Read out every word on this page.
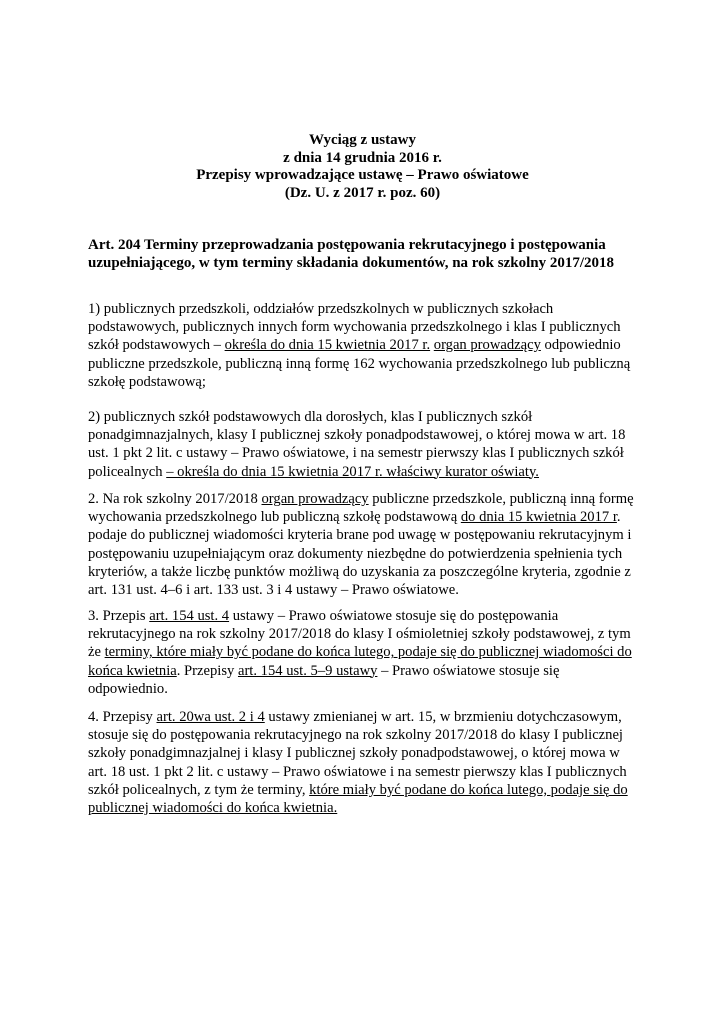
Wyciąg z ustawy
z dnia 14 grudnia 2016 r.
Przepisy wprowadzające ustawę – Prawo oświatowe
(Dz. U. z 2017 r. poz. 60)
Art. 204 Terminy przeprowadzania postępowania rekrutacyjnego i postępowania
uzupełniającego, w tym terminy składania dokumentów, na rok szkolny 2017/2018
1) publicznych przedszkoli, oddziałów przedszkolnych w publicznych szkołach
podstawowych, publicznych innych form wychowania przedszkolnego i klas I publicznych
szkół podstawowych – określa do dnia 15 kwietnia 2017 r. organ prowadzący odpowiednio
publiczne przedszkole, publiczną inną formę 162 wychowania przedszkolnego lub publiczną
szkołę podstawową;
2) publicznych szkół podstawowych dla dorosłych, klas I publicznych szkół
ponadgimnazjalnych, klasy I publicznej szkoły ponadpodstawowej, o której mowa w art. 18
ust. 1 pkt 2 lit. c ustawy – Prawo oświatowe, i na semestr pierwszy klas I publicznych szkół
policealnych – określa do dnia 15 kwietnia 2017 r. właściwy kurator oświaty.
2. Na rok szkolny 2017/2018 organ prowadzący publiczne przedszkole, publiczną inną formę
wychowania przedszkolnego lub publiczną szkołę podstawową do dnia 15 kwietnia 2017 r.
podaje do publicznej wiadomości kryteria brane pod uwagę w postępowaniu rekrutacyjnym i
postępowaniu uzupełniającym oraz dokumenty niezbędne do potwierdzenia spełnienia tych
kryteriów, a także liczbę punktów możliwą do uzyskania za poszczególne kryteria, zgodnie z
art. 131 ust. 4–6 i art. 133 ust. 3 i 4 ustawy – Prawo oświatowe.
3. Przepis art. 154 ust. 4 ustawy – Prawo oświatowe stosuje się do postępowania
rekrutacyjnego na rok szkolny 2017/2018 do klasy I ośmioletniej szkoły podstawowej, z tym
że terminy, które miały być podane do końca lutego, podaje się do publicznej wiadomości do
końca kwietnia. Przepisy art. 154 ust. 5–9 ustawy – Prawo oświatowe stosuje się
odpowiednio.
4. Przepisy art. 20wa ust. 2 i 4 ustawy zmienianej w art. 15, w brzmieniu dotychczasowym,
stosuje się do postępowania rekrutacyjnego na rok szkolny 2017/2018 do klasy I publicznej
szkoły ponadgimnazjalnej i klasy I publicznej szkoły ponadpodstawowej, o której mowa w
art. 18 ust. 1 pkt 2 lit. c ustawy – Prawo oświatowe i na semestr pierwszy klas I publicznych
szkół policealnych, z tym że terminy, które miały być podane do końca lutego, podaje się do
publicznej wiadomości do końca kwietnia.
